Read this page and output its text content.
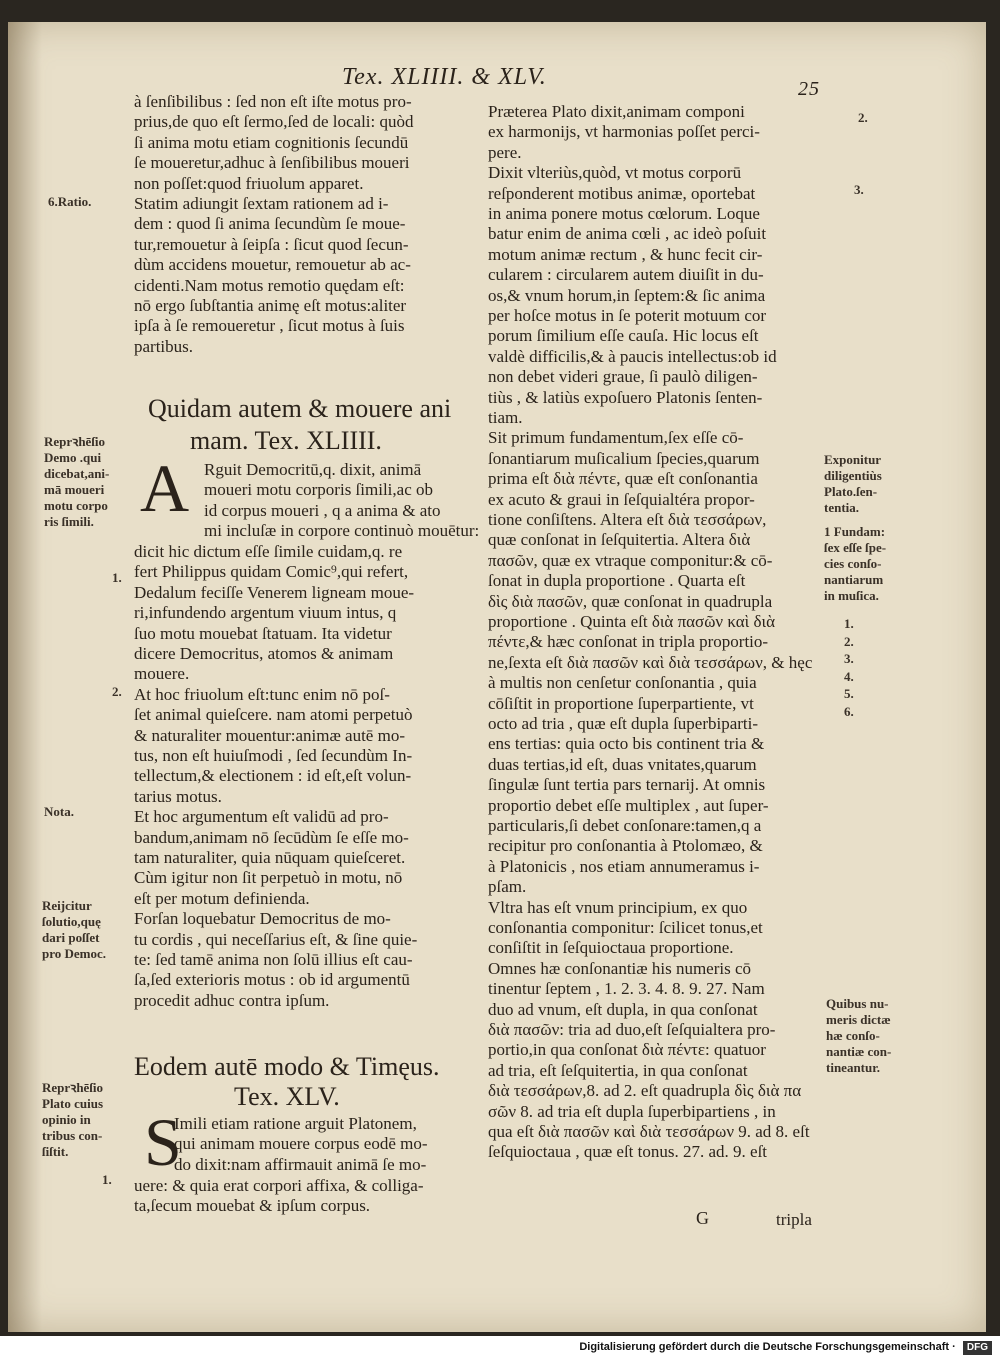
Tex. XLIIII. & XLV.	25
à ſenſibilibus : ſed non eſt iſte motus pro-
prius,de quo eſt ſermo,ſed de locali: quòd
ſi anima motu etiam cognitionis ſecundū
ſe moueretur,adhuc à ſenſibilibus moueri
non poſſet:quod friuolum apparet.
Statim adiungit ſextam rationem ad i-
dem : quod ſi anima ſecundùm ſe moue-
tur,remouetur à ſeipſa : ſicut quod ſecun-
dùm accidens mouetur, remouetur ab ac-
cidenti.Nam motus remotio quędam eſt:
nō ergo ſubſtantia animę eſt motus:aliter
ipſa à ſe remoueretur , ſicut motus à ſuis
partibus.
Quidam autem & mouere ani
mam. Tex. XLIIII.
A Rguit Democritū,q. dixit, animā
moueri motu corporis ſimili,ac ob
id corpus moueri , q a anima & ato
mi incluſæ in corpore continuò mouētur:
dicit hic dictum eſſe ſimile cuidam,q. re
fert Philippus quidam Comic⁹,qui refert,
Dedalum feciſſe Venerem ligneam moue-
ri,infundendo argentum viuum intus, q
ſuo motu mouebat ſtatuam. Ita videtur
dicere Democritus, atomos & animam
mouere.
At hoc friuolum eſt:tunc enim nō poſ-
ſet animal quieſcere. nam atomi perpetuò
& naturaliter mouentur:animæ autē mo-
tus, non eſt huiuſmodi , ſed ſecundùm In-
tellectum,& electionem : id eſt,eſt volun-
tarius motus.
Et hoc argumentum eſt validū ad pro-
bandum,animam nō ſecūdùm ſe eſſe mo-
tam naturaliter, quia nūquam quieſceret.
Cùm igitur non ſit perpetuò in motu, nō
eſt per motum definienda.
Forſan loquebatur Democritus de mo-
tu cordis , qui neceſſarius eſt, & ſine quie-
te: ſed tamē anima non ſolū illius eſt cau-
ſa,ſed exterioris motus : ob id argumentū
procedit adhuc contra ipſum.
Eodem autē modo & Timęus.
Tex. XLV.
S
Imili etiam ratione arguit Platonem,
qui animam mouere corpus eodē mo-
do dixit:nam affirmauit animā ſe mo-
uere: & quia erat corpori affixa, & colliga-
ta,ſecum mouebat & ipſum corpus.
Præterea Plato dixit,animam componi
ex harmonijs, vt harmonias poſſet perci-
pere.
Dixit vlteriùs,quòd, vt motus corporū
reſponderent motibus animæ, oportebat
in anima ponere motus cœlorum. Loque
batur enim de anima cœli , ac ideò poſuit
motum animæ rectum , & hunc fecit cir-
cularem : circularem autem diuiſit in du-
os,& vnum horum,in ſeptem:& ſic anima
per hoſce motus in ſe poterit motuum cor
porum ſimilium eſſe cauſa. Hic locus eſt
valdè difficilis,& à paucis intellectus:ob id
non debet videri graue, ſi paulò diligen-
tiùs , & latiùs expoſuero Platonis ſenten-
tiam.
Sit primum fundamentum,ſex eſſe cō-
ſonantiarum muſicalium ſpecies,quarum
prima eſt διὰ πέντε, quæ eſt conſonantia
ex acuto & graui in ſeſquialtéra propor-
tione conſiſtens. Altera eſt διὰ τεσσάρων,
quæ conſonat in ſeſquitertia. Altera διὰ
πασῶν, quæ ex vtraque componitur:& cō-
ſonat in dupla proportione . Quarta eſt
δὶς διὰ πασῶν, quæ conſonat in quadrupla
proportione . Quinta eſt διὰ πασῶν καὶ διὰ
πέντε,& hæc conſonat in tripla proportio-
ne,ſexta eſt διὰ πασῶν καὶ διὰ τεσσάρων, & hęc
à multis non cenſetur conſonantia , quia
cōſiſtit in proportione ſuperpartiente, vt
octo ad tria , quæ eſt dupla ſuperbiparti-
ens tertias: quia octo bis continent tria &
duas tertias,id eſt, duas vnitates,quarum
ſingulæ ſunt tertia pars ternarij. At omnis
proportio debet eſſe multiplex , aut ſuper-
particularis,ſi debet conſonare:tamen,q a
recipitur pro conſonantia à Ptolomæo, &
à Platonicis , nos etiam annumeramus i-
pſam.
Vltra has eſt vnum principium, ex quo
conſonantia componitur: ſcilicet tonus,et
conſiſtit in ſeſquioctaua proportione.
Omnes hæ conſonantiæ his numeris cō
tinentur ſeptem , 1. 2. 3. 4. 8. 9. 27. Nam
duo ad vnum, eſt dupla, in qua conſonat
διὰ πασῶν: tria ad duo,eſt ſeſquialtera pro-
portio,in qua conſonat διὰ πέντε: quatuor
ad tria, eſt ſeſquitertia, in qua conſonat
διὰ τεσσάρων,8. ad 2. eſt quadrupla δὶς διὰ πα
σῶν 8. ad tria eſt dupla ſuperbipartiens , in
qua eſt διὰ πασῶν καὶ διὰ τεσσάρων 9. ad 8. eſt
ſeſquioctaua , quæ eſt tonus. 27. ad. 9. eſt
G	tripla
6.Ratio.
Reprꝛhēſio
Demo .qui
dicebat,ani-
mā moueri
motu corpo
ris ſimili.
1.
2.
Nota.
Reijcitur
ſolutio,quę
dari poſſet
pro Democ.
Reprꝛhēſio
Plato cuius
opinio in
tribus con-
ſiſtit.
1.
2.
3.
Exponitur
diligentiùs
Plato.ſen-
tentia.
1 Fundam:
ſex eſſe ſpe-
cies conſo-
nantiarum
in muſica.
1.
2.
3.
4.
5.
6.
Quibus nu-
meris dictæ
hæ conſo-
nantiæ con-
tineantur.
Digitalisierung gefördert durch die Deutsche Forschungsgemeinschaft · DFG
